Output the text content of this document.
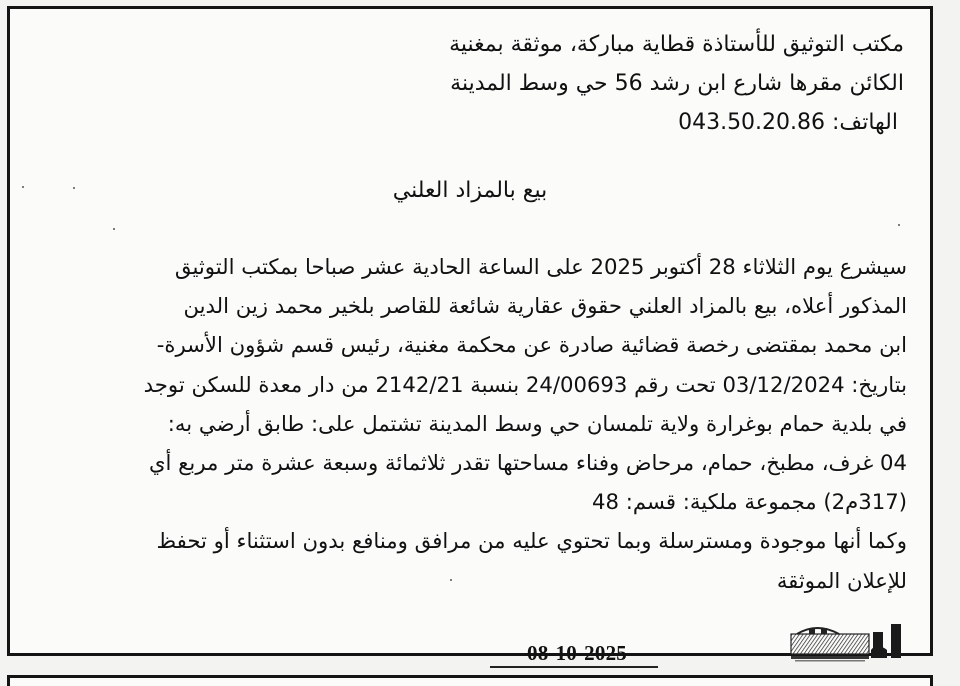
مكتب التوثيق للأستاذة قطاية مباركة، موثقة بمغنية
الكائن مقرها شارع ابن رشد 56 حي وسط المدينة
الهاتف: 043.50.20.86
بيع بالمزاد العلني
سيشرع يوم الثلاثاء 28 أكتوبر 2025 على الساعة الحادية عشر صباحا بمكتب التوثيق
المذكور أعلاه، بيع بالمزاد العلني حقوق عقارية شائعة للقاصر بلخير محمد زين الدين
ابن محمد بمقتضى رخصة قضائية صادرة عن محكمة مغنية، رئيس قسم شؤون الأسرة-
بتاريخ: 03/12/2024 تحت رقم 24/00693 بنسبة 2142/21 من دار معدة للسكن توجد
في بلدية حمام بوغرارة ولاية تلمسان حي وسط المدينة تشتمل على: طابق أرضي به:
04 غرف، مطبخ، حمام، مرحاض وفناء مساحتها تقدر ثلاثمائة وسبعة عشرة متر مربع أي
(317م2) مجموعة ملكية: قسم: 48
وكما أنها موجودة ومسترسلة وبما تحتوي عليه من مرافق ومنافع بدون استثناء أو تحفظ
للإعلان الموثقة
08-10-2025
